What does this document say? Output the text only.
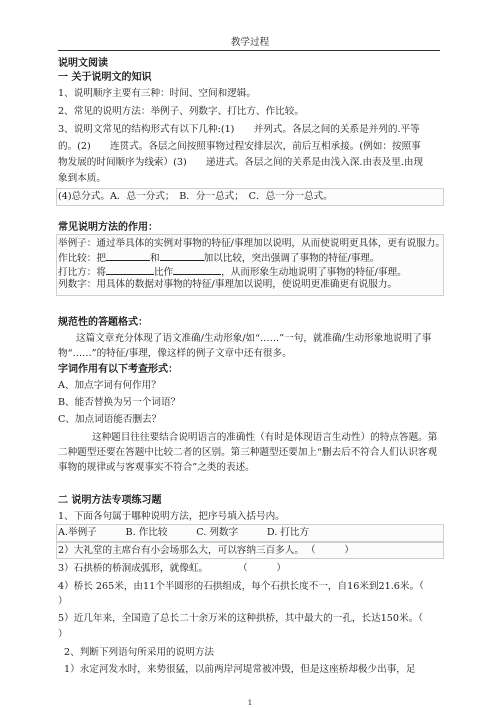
教学过程
说明文阅读
一 关于说明文的知识
1、说明顺序主要有三种：时间、空间和逻辑。
2、常见的说明方法：举例子、列数字、打比方、作比较。
3、说明文常见的结构形式有以下几种:(1)　　并列式。各层之间的关系是并列的.平等
的。(2)　　连贯式。各层之间按照事物过程安排层次，前后互相承接。(例如：按照事
物发展的时间顺序为线索）(3)　　递进式。各层之间的关系是由浅入深.由表及里.由现
象到本质。
(4)总分式。A．总一分式；　B．分一总式；　C．总一分一总式。
常见说明方法的作用：
举例子：通过举具体的实例对事物的特征/事理加以说明，从而使说明更具体，更有说服力。
作比较：把	和	加以比较，突出强调了事物的特征/事理。
打比方：将	比作	，从而形象生动地说明了事物的特征/事理。
列数字：用具体的数据对事物的特征/事理加以说明，使说明更准确更有说服力。
规范性的答题格式：
这篇文章充分体现了语文准确/生动形象/如“……”一句，就准确/生动形象地说明了事
物“……”的特征/事理，像这样的例子文章中还有很多。
字词作用有以下考查形式：
A、加点字词有何作用？
B、能否替换为另一个词语？
C、加点词语能否删去？
这种题目往往要结合说明语言的准确性（有时是体现语言生动性）的特点答题。第
二种题型还要在答题中比较二者的区别。第三种题型还要加上“删去后不符合人们认识客观
事物的规律或与客观事实不符合”之类的表述。
二 说明方法专项练习题
1、下面各句属于哪种说明方法，把序号填入括号内。
A.举例子　　　B. 作比较　　　C. 列数字　　　D. 打比方
2）大礼堂的主席台有小会场那么大，可以容纳三百多人。 （　　　）
3）石拱桥的桥洞成弧形，就像虹。	（　　　）
4）桥长 265米，由11个半圆形的石拱组成，每个石拱长度不一，自16米到21.6米。（
）
5）近几年来，全国造了总长二十余万米的这种拱桥，其中最大的一孔，长达150米。（
）
2、判断下列语句所采用的说明方法
1）永定河发水时，来势很猛，以前两岸河堤常被冲毁，但是这座桥却极少出事，足
1
